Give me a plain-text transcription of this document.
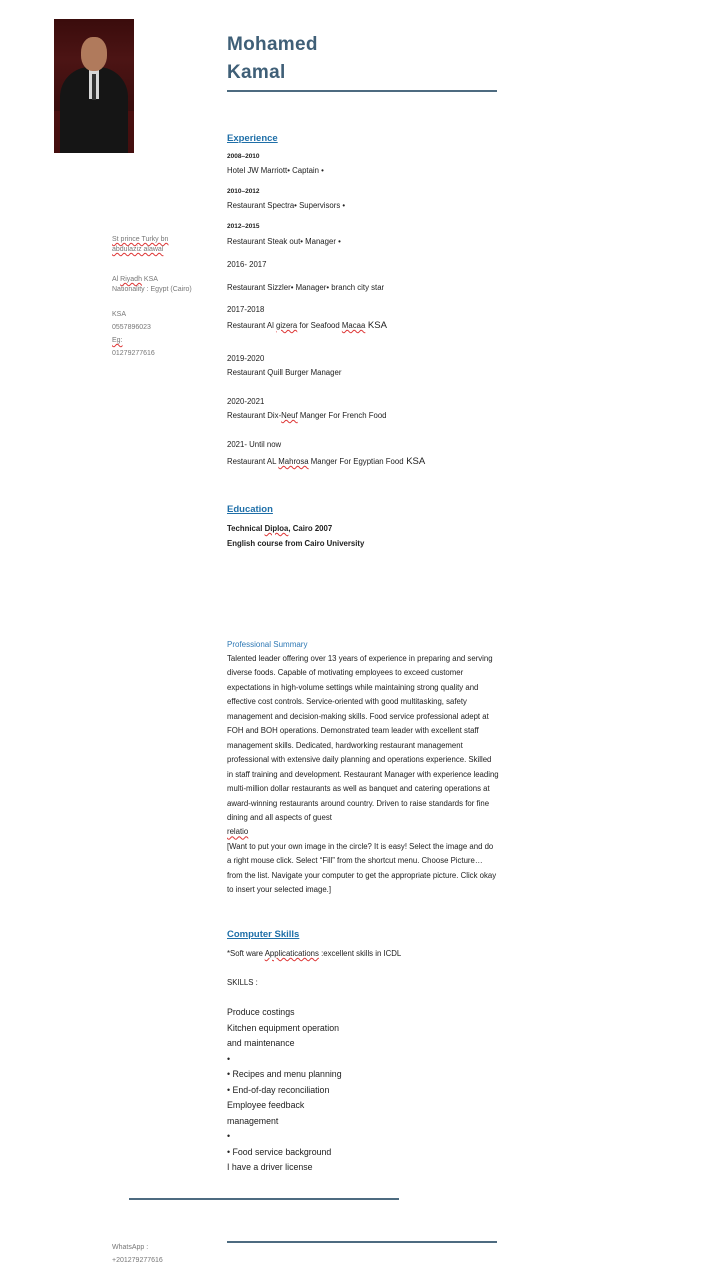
Mohamed
Kamal
St prince Turky bn
abdulaziz alawal
Al Riyadh KSA
Nationality : Egypt (Cairo)
KSA
0557896023
Eg:
01279277616
Experience
2008–2010
Hotel JW Marriott• Captain •
2010–2012
Restaurant Spectra• Supervisors •
2012–2015
Restaurant Steak out• Manager •
2016- 2017
Restaurant Sizzler• Manager• branch city star
2017-2018
Restaurant Al gizera for Seafood Macaa KSA
2019-2020
Restaurant Quill Burger Manager
2020-2021
Restaurant Dix-Neuf Manger For French Food
2021- Until now
Restaurant AL Mahrosa Manger For Egyptian Food KSA
Education
Technical Diploa, Cairo 2007
English course from Cairo University
Professional Summary
Talented leader offering over 13 years of experience in preparing and serving diverse foods. Capable of motivating employees to exceed customer expectations in high-volume settings while maintaining strong quality and effective cost controls. Service-oriented with good multitasking, safety management and decision-making skills. Food service professional adept at FOH and BOH operations. Demonstrated team leader with excellent staff management skills. Dedicated, hardworking restaurant management professional with extensive daily planning and operations experience. Skilled in staff training and development. Restaurant Manager with experience leading multi-million dollar restaurants as well as banquet and catering operations at award-winning restaurants around country. Driven to raise standards for fine dining and all aspects of guest
relatio
[Want to put your own image in the circle? It is easy! Select the image and do a right mouse click. Select “Fill” from the shortcut menu. Choose Picture… from the list. Navigate your computer to get the appropriate picture. Click okay to insert your selected image.]
Computer Skills
*Soft ware Applicatications :excellent skills in ICDL
SKILLS :
Produce costings
Kitchen equipment operation
and maintenance
•
• Recipes and menu planning
• End-of-day reconciliation
Employee feedback
management
•
• Food service background
I have a driver license
WhatsApp :
+201279277616
